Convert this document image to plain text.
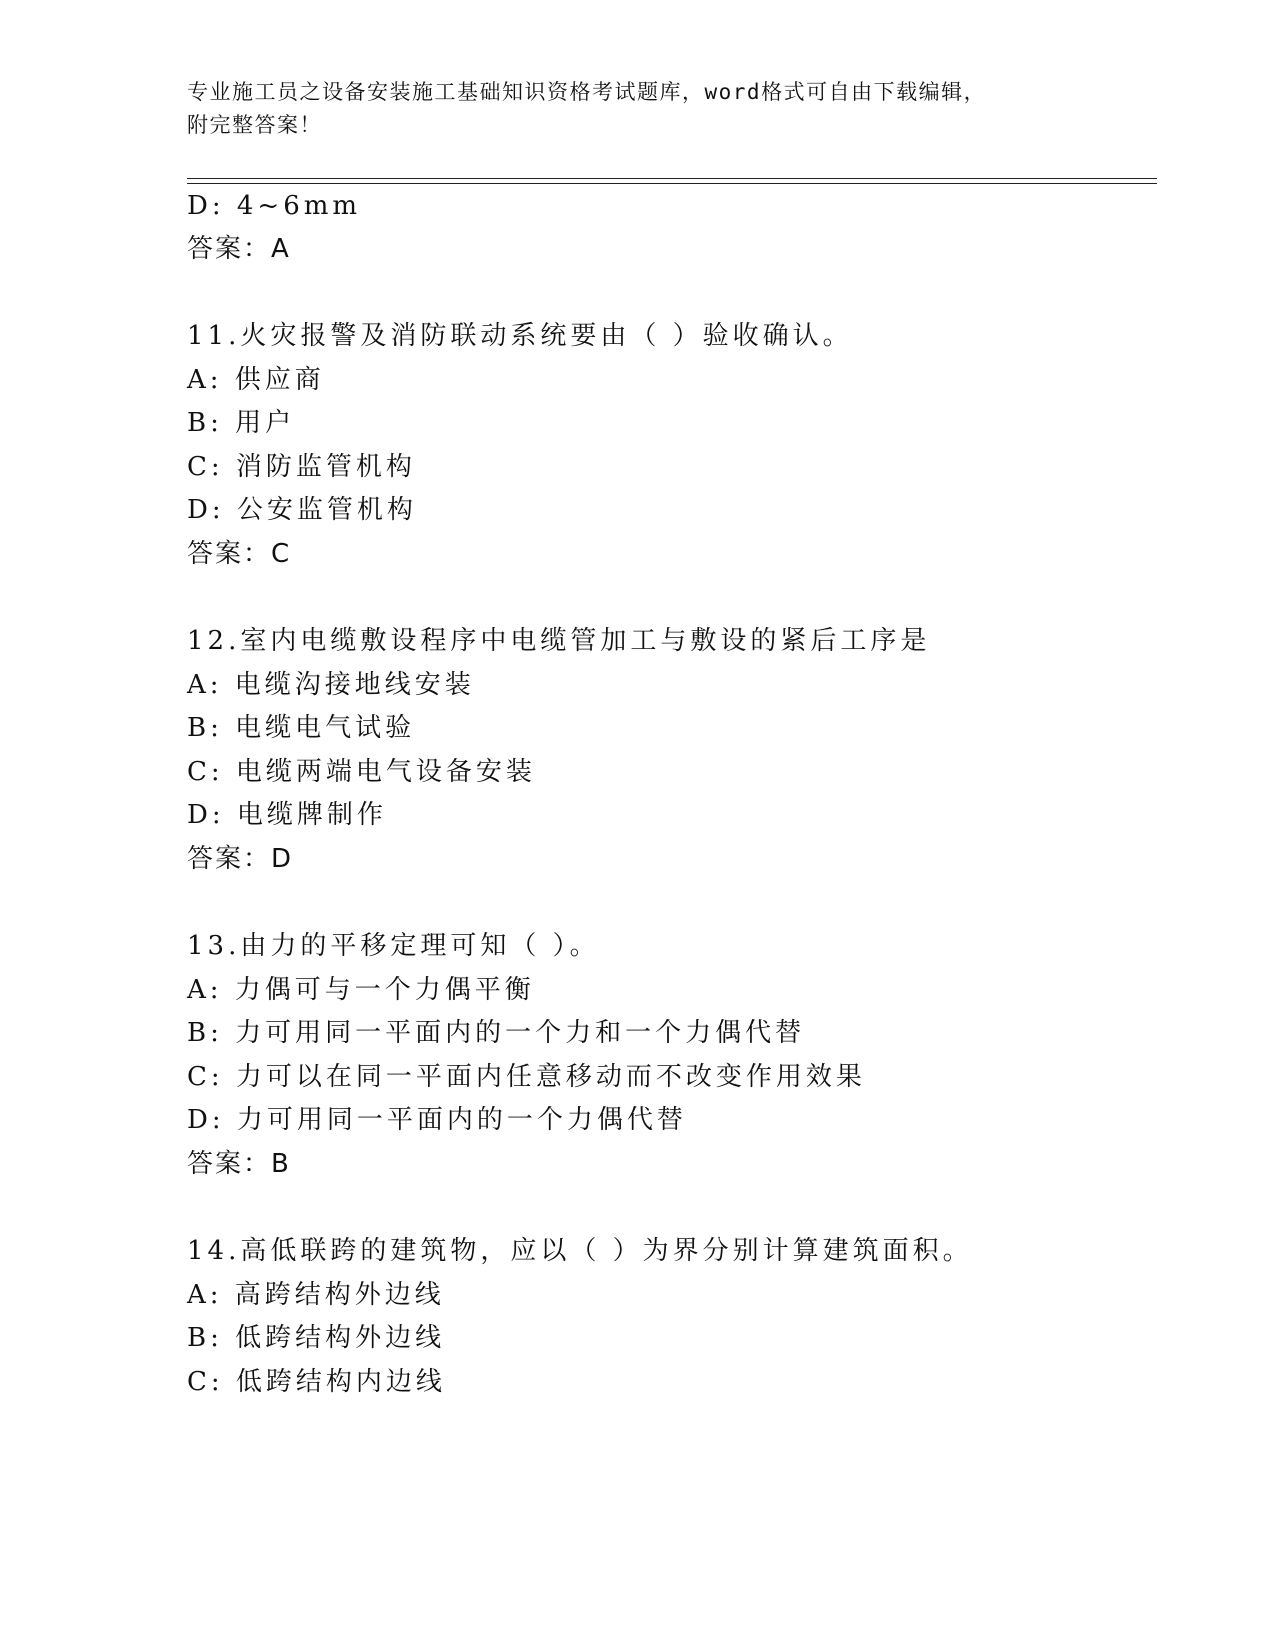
专业施工员之设备安装施工基础知识资格考试题库，word格式可自由下载编辑，
附完整答案！
D: 4~6mm
答案：A
11.火灾报警及消防联动系统要由（ ）验收确认。
A: 供应商
B: 用户
C: 消防监管机构
D: 公安监管机构
答案：C
12.室内电缆敷设程序中电缆管加工与敷设的紧后工序是
A: 电缆沟接地线安装
B: 电缆电气试验
C: 电缆两端电气设备安装
D: 电缆牌制作
答案：D
13.由力的平移定理可知（ ）。
A: 力偶可与一个力偶平衡
B: 力可用同一平面内的一个力和一个力偶代替
C: 力可以在同一平面内任意移动而不改变作用效果
D: 力可用同一平面内的一个力偶代替
答案：B
14.高低联跨的建筑物，应以（ ）为界分别计算建筑面积。
A: 高跨结构外边线
B: 低跨结构外边线
C: 低跨结构内边线
